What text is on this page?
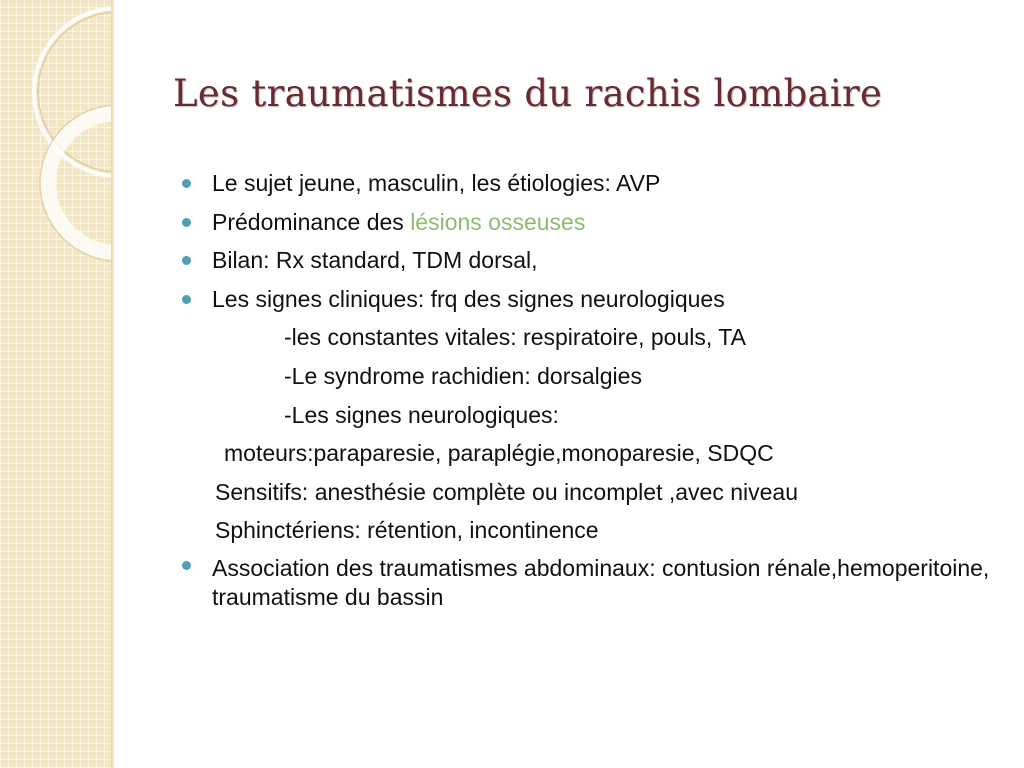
Les traumatismes du rachis lombaire
Le sujet jeune, masculin, les étiologies: AVP
Prédominance des lésions osseuses
Bilan: Rx standard, TDM dorsal,
Les signes cliniques: frq des signes neurologiques
-les constantes vitales: respiratoire, pouls, TA
-Le syndrome rachidien: dorsalgies
-Les signes neurologiques:
moteurs:paraparesie, paraplégie,monoparesie, SDQC
Sensitifs: anesthésie complète ou incomplet ,avec niveau
Sphinctériens: rétention, incontinence
Association des traumatismes abdominaux: contusion rénale,hemoperitoine, traumatisme du bassin
